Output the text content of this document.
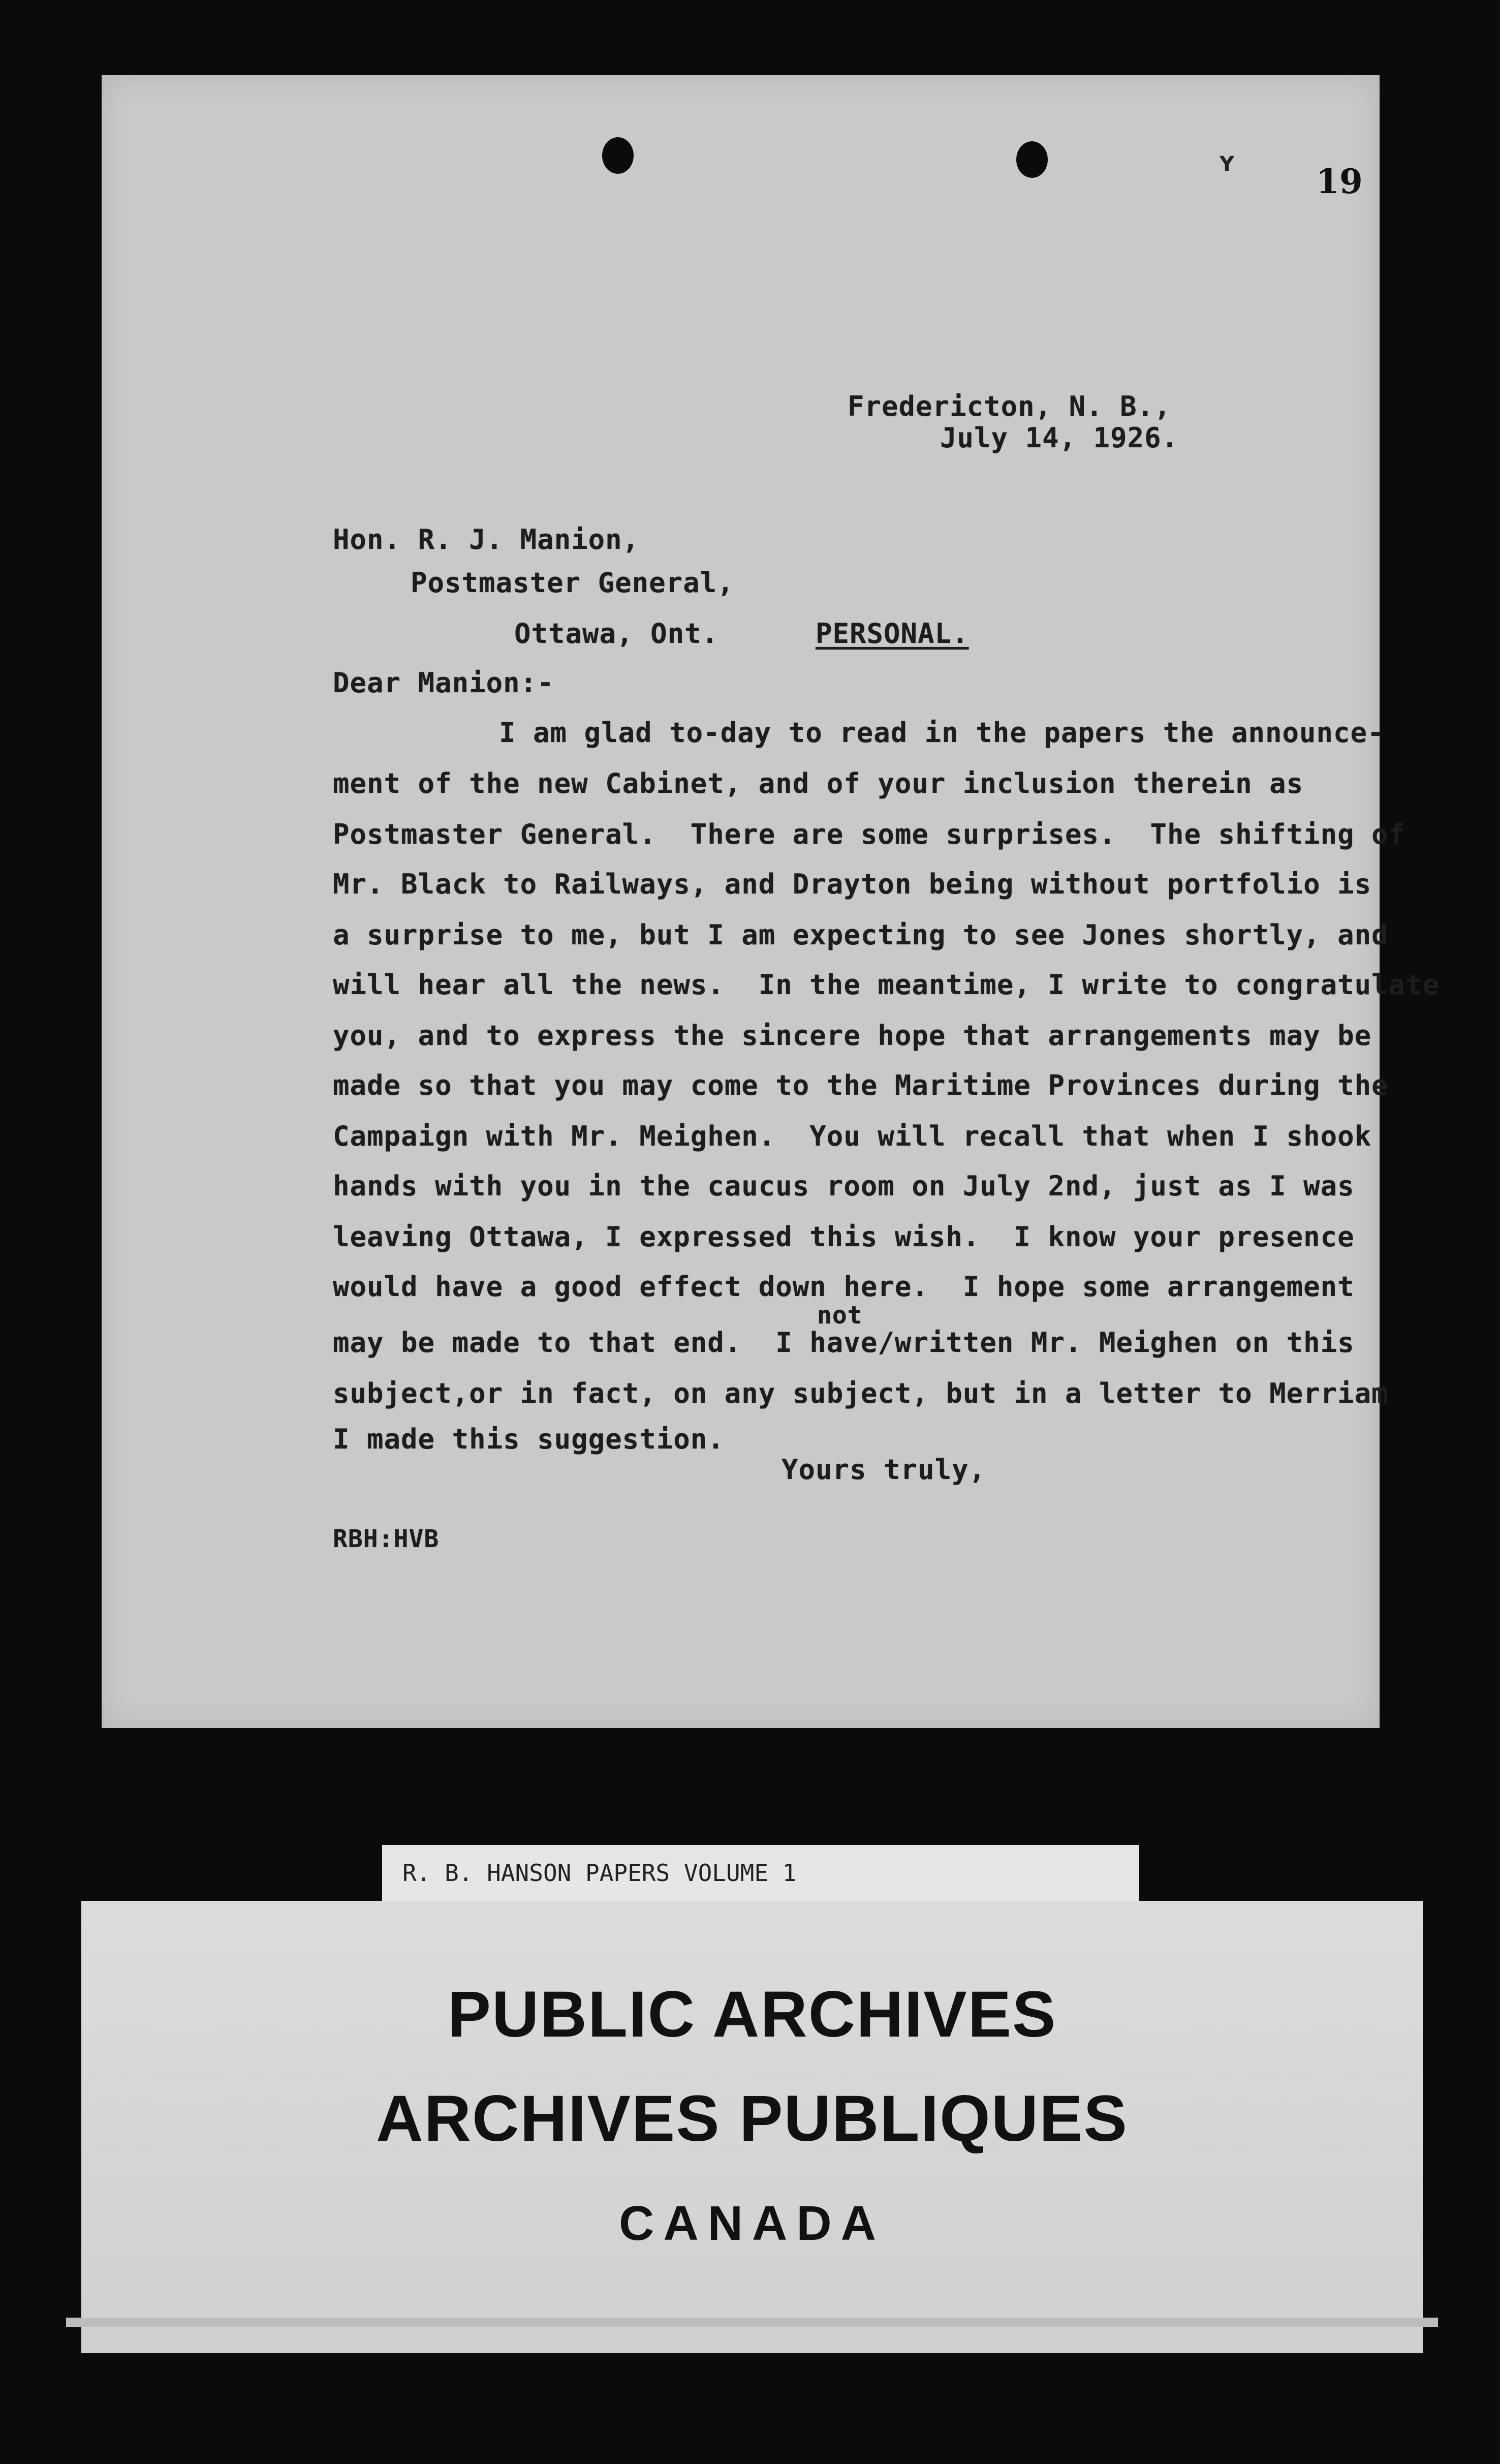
Y 19
Fredericton, N. B.,
July 14, 1926.
Hon. R. J. Manion,
Postmaster General,
Ottawa, Ont.	PERSONAL.
Dear Manion:-
I am glad to-day to read in the papers the announce-
ment of the new Cabinet, and of your inclusion therein as
Postmaster General.  There are some surprises.  The shifting of
Mr. Black to Railways, and Drayton being without portfolio is
a surprise to me, but I am expecting to see Jones shortly, and
will hear all the news.  In the meantime, I write to congratulate
you, and to express the sincere hope that arrangements may be
made so that you may come to the Maritime Provinces during the
Campaign with Mr. Meighen.  You will recall that when I shook
hands with you in the caucus room on July 2nd, just as I was
leaving Ottawa, I expressed this wish.  I know your presence
would have a good effect down here.  I hope some arrangement
not
may be made to that end.  I have/written Mr. Meighen on this
subject,or in fact, on any subject, but in a letter to Merriam
I made this suggestion.
Yours truly,
RBH:HVB
R. B. HANSON PAPERS VOLUME 1
PUBLIC ARCHIVES
ARCHIVES PUBLIQUES
CANADA
